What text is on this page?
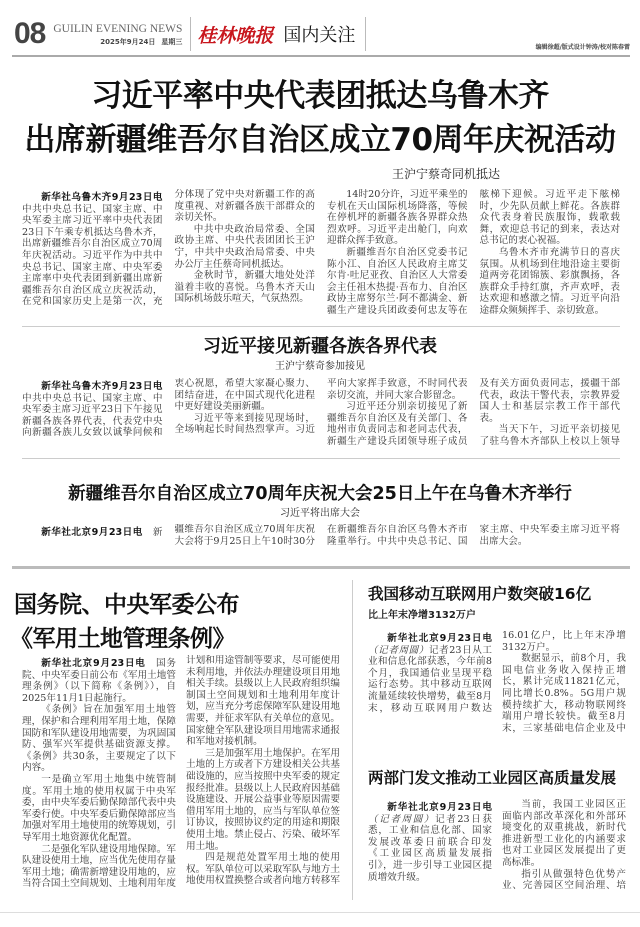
08 GUILIN EVENING NEWS
2025年9月24日 星期三 桂林晚报 国内关注
编辑徐超/版式设计钟涛/校对陈春雷
习近平率中央代表团抵达乌鲁木齐
出席新疆维吾尔自治区成立70周年庆祝活动
王沪宁蔡奇同机抵达

新华社乌鲁木齐9月23日电　中共中央总书记、国家主席、中央军委主席习近平率中央代表团23日下午乘专机抵达乌鲁木齐，出席新疆维吾尔自治区成立70周年庆祝活动。习近平作为中共中央总书记、国家主席、中央军委主席率中央代表团到新疆出席新疆维吾尔自治区成立庆祝活动，在党和国家历史上是第一次，充分体现了党中央对新疆工作的高度重视、对新疆各族干部群众的亲切关怀。

中共中央政治局常委、全国政协主席、中央代表团团长王沪宁，中共中央政治局常委、中央办公厅主任蔡奇同机抵达。

金秋时节，新疆大地处处洋溢着丰收的喜悦。乌鲁木齐天山国际机场鼓乐喧天，气氛热烈。

14时20分许，习近平乘坐的专机在天山国际机场降落，等候在停机坪的新疆各族各界群众热烈欢呼。习近平走出舱门，向欢迎群众挥手致意。

新疆维吾尔自治区党委书记陈小江、自治区人民政府主席艾尔肯·吐尼亚孜、自治区人大常委会主任祖木热提·吾布力、自治区政协主席努尔兰·阿不都满金、新疆生产建设兵团政委何忠友等在舷梯下迎候。习近平走下舷梯时，少先队员献上鲜花。各族群众代表身着民族服饰，载歌载舞，欢迎总书记的到来，表达对总书记的衷心祝福。

乌鲁木齐市充满节日的喜庆氛围。从机场到住地沿途主要街道两旁花团锦簇、彩旗飘扬，各族群众手持红旗，齐声欢呼，表达欢迎和感激之情。习近平向沿途群众频频挥手、亲切致意。

习近平接见新疆各族各界代表
王沪宁蔡奇参加接见

新华社乌鲁木齐9月23日电　中共中央总书记、国家主席、中央军委主席习近平23日下午接见新疆各族各界代表，代表党中央向新疆各族儿女致以诚挚问候和衷心祝愿，希望大家凝心聚力、团结奋进，在中国式现代化进程中更好建设美丽新疆。

习近平等来到接见现场时，全场响起长时间热烈掌声。习近平向大家挥手致意，不时同代表亲切交流，并同大家合影留念。

习近平还分别亲切接见了新疆维吾尔自治区及有关部门、各地州市负责同志和老同志代表，新疆生产建设兵团领导班子成员及有关方面负责同志，援疆干部代表，政法干警代表，宗教界爱国人士和基层宗教工作干部代表。

当天下午，习近平亲切接见了驻乌鲁木齐部队上校以上领导

新疆维吾尔自治区成立70周年庆祝大会25日上午在乌鲁木齐举行
习近平将出席大会

新华社北京9月23日电　 新疆维吾尔自治区成立70周年庆祝大会将于9月25日上午10时30分在新疆维吾尔自治区乌鲁木齐市隆重举行。中共中央总书记、国家主席、中央军委主席习近平将出席大会。

国务院、中央军委公布
《军用土地管理条例》

新华社北京9月23日电　 国务院、中央军委日前公布《军用土地管理条例》（以下简称《条例》），自2025年11月1日起施行。

《条例》旨在加强军用土地管理，保护和合理利用军用土地，保障国防和军队建设用地需要，为巩固国防、强军兴军提供基础资源支撑。《条例》共30条，主要规定了以下内容。

一是确立军用土地集中统管制度。军用土地的使用权属于中央军委，由中央军委后勤保障部代表中央军委行使。中央军委后勤保障部应当加强对军用土地使用的统筹规划，引导军用土地资源优化配置。

二是强化军队建设用地保障。军队建设使用土地，应当优先使用存量军用土地；确需新增建设用地的，应当符合国土空间规划、土地利用年度计划和用途管制等要求，尽可能使用未利用地，并依法办理建设项目用地相关手续。县级以上人民政府组织编制国土空间规划和土地利用年度计划，应当充分考虑保障军队建设用地需要，并征求军队有关单位的意见。国家健全军队建设项目用地需求通报和军地对接机制。

三是加强军用土地保护。在军用土地的上方或者下方建设相关公共基础设施的，应当按照中央军委的规定报经批准。县级以上人民政府因基础设施建设、开展公益事业等原因需要借用军用土地的，应当与军队单位签订协议，按照协议约定的用途和期限使用土地。禁止侵占、污染、破坏军用土地。

四是规范处置军用土地的使用权。军队单位可以采取军队与地方土地使用权置换整合或者向地方转移军

我国移动互联网用户数突破16亿
比上年末净增3132万户

新华社北京9月23日电（记者周圆）记者23日从工业和信息化部获悉，今年前8个月，我国通信业呈现平稳运行态势。其中移动互联网流量延续较快增势，截至8月末，移动互联网用户数达16.01亿户，比上年末净增3132万户。

数据显示，前8个月，我国电信业务收入保持正增长，累计完成11821亿元，同比增长0.8%。5G用户规模持续扩大，移动物联网终端用户增长较快。截至8月末，三家基础电信企业及中

两部门发文推动工业园区高质量发展

新华社北京9月23日电（记者周圆）记者23日获悉，工业和信息化部、国家发展改革委日前联合印发《工业园区高质量发展指引》，进一步引导工业园区提质增效升级。

当前，我国工业园区正面临内部改革深化和外部环境变化的双重挑战，新时代推进新型工业化的内涵要求也对工业园区发展提出了更高标准。

指引从做强特色优势产业、完善园区空间治理、培
